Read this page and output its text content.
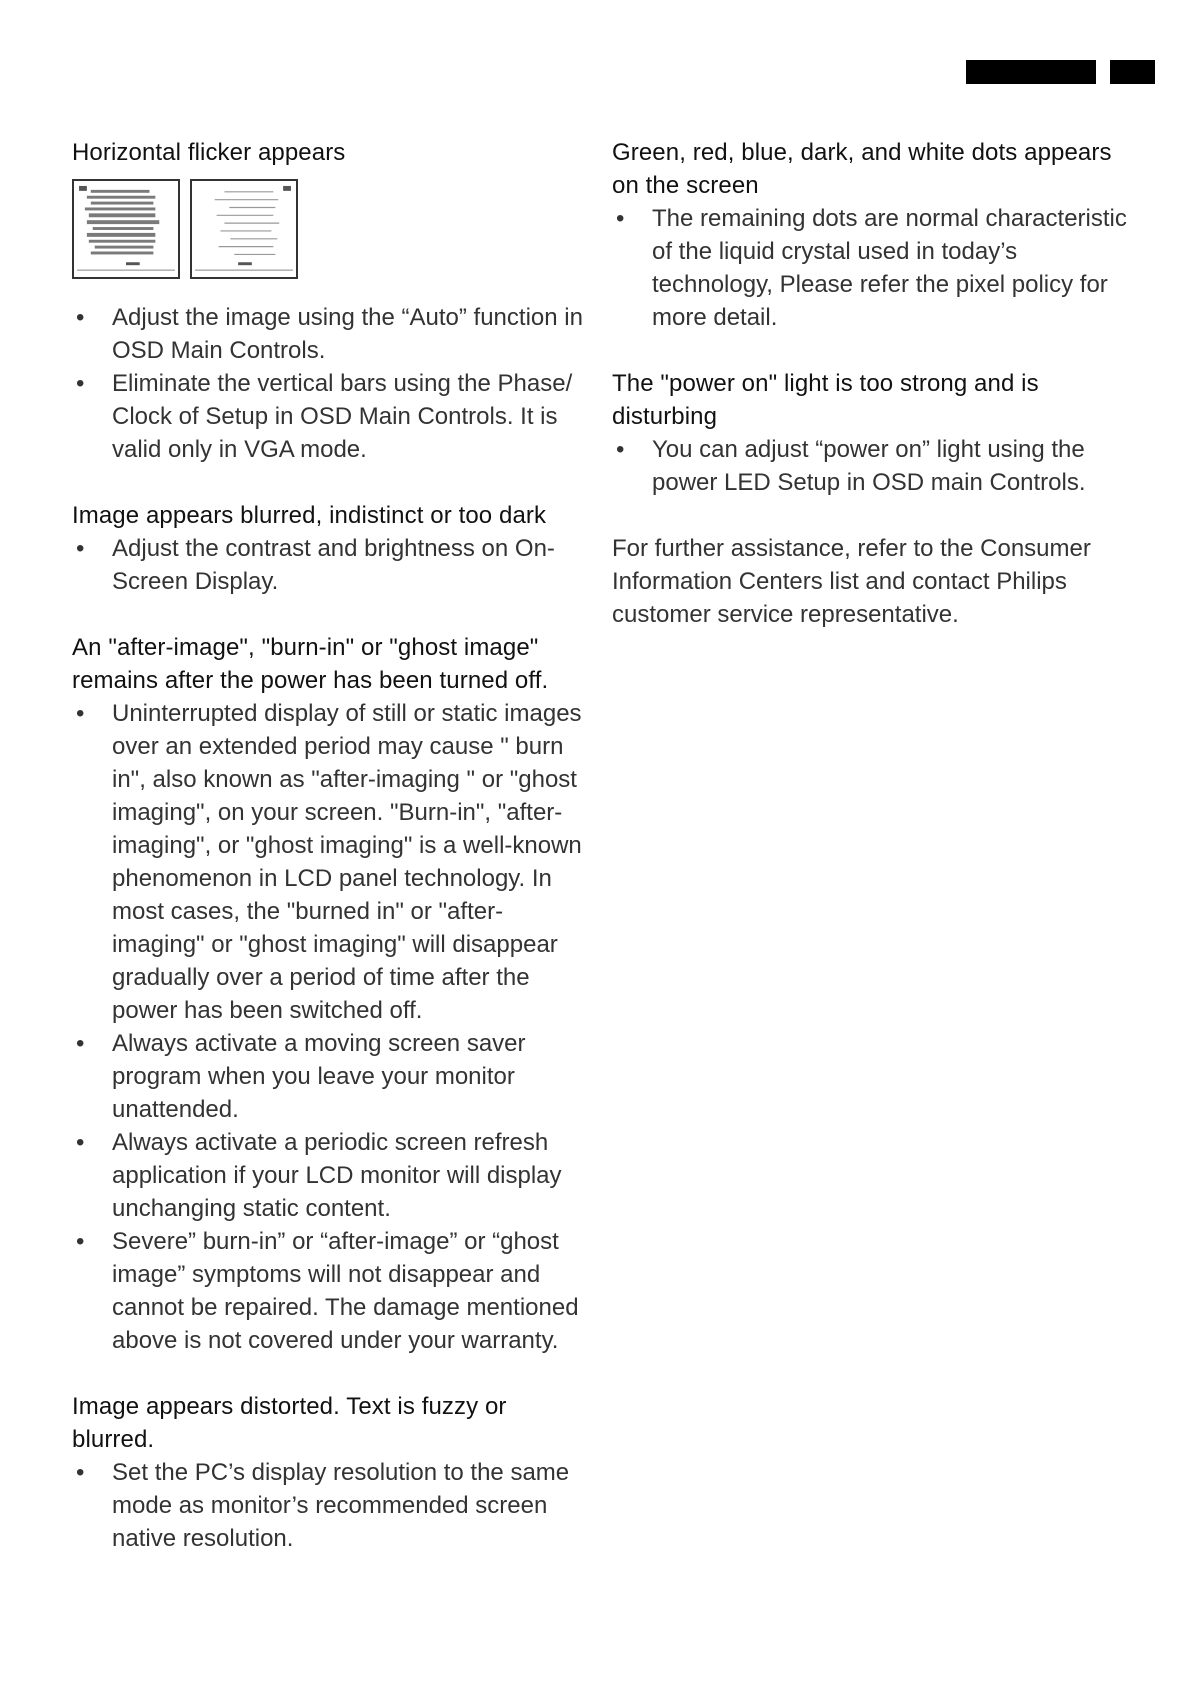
Horizontal flicker appears
• Adjust the image using the “Auto” function in OSD Main Controls.
• Eliminate the vertical bars using the Phase/ Clock of Setup in OSD Main Controls. It is valid only in VGA mode.
Image appears blurred, indistinct or too dark
• Adjust the contrast and brightness on On-Screen Display.
An "after-image", "burn-in" or "ghost image" remains after the power has been turned off.
• Uninterrupted display of still or static images over an extended period may cause " burn in", also known as "after-imaging " or "ghost imaging", on your screen. "Burn-in", "after-imaging", or "ghost imaging" is a well-known phenomenon in LCD panel technology. In most cases, the "burned in" or "after-imaging" or "ghost imaging" will disappear gradually over a period of time after the power has been switched off.
• Always activate a moving screen saver program when you leave your monitor unattended.
• Always activate a periodic screen refresh application if your LCD monitor will display unchanging static content.
• Severe” burn-in” or “after-image” or “ghost image” symptoms will not disappear and cannot be repaired. The damage mentioned above is not covered under your warranty.
Image appears distorted. Text is fuzzy or blurred.
• Set the PC’s display resolution to the same mode as monitor’s recommended screen native resolution.
Green, red, blue, dark, and white dots appears on the screen
• The remaining dots are normal characteristic of the liquid crystal used in today’s technology, Please refer the pixel policy for more detail.
The "power on" light is too strong and is disturbing
• You can adjust “power on” light using the power LED Setup in OSD main Controls.

For further assistance, refer to the Consumer Information Centers list and contact Philips customer service representative.
